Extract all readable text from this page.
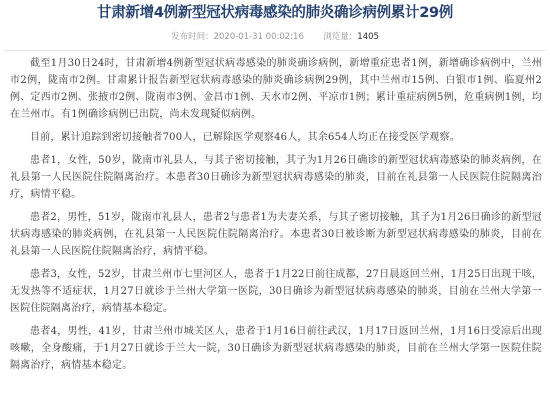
甘肃新增4例新型冠状病毒感染的肺炎确诊病例累计29例
发布时间：2020-01-31 00:02:16 浏览量：1405

截至1月30日24时，甘肃新增4例新型冠状病毒感染的肺炎确诊病例，新增重症患者1例，新增确诊病例中，兰州市2例，陇南市2例。甘肃累计报告新型冠状病毒感染的肺炎确诊病例29例，其中兰州市15例、白银市1例、临夏州2例、定西市2例、张掖市2例、陇南市3例、金昌市1例、天水市2例、平凉市1例；累计重症病例5例，危重病例1例，均在兰州市。有1例确诊病例已出院，尚未发现疑似病例。

目前，累计追踪到密切接触者700人，已解除医学观察46人，其余654人均正在接受医学观察。

患者1，女性，50岁，陇南市礼县人，与其子密切接触，其子为1月26日确诊的新型冠状病毒感染的肺炎病例，在礼县第一人民医院住院隔离治疗。本患者30日确诊为新型冠状病毒感染的肺炎，目前在礼县第一人民医院住院隔离治疗，病情平稳。

患者2，男性，51岁，陇南市礼县人，患者2与患者1为夫妻关系，与其子密切接触，其子为1月26日确诊的新型冠状病毒感染的肺炎病例，在礼县第一人民医院住院隔离治疗。本患者30日被诊断为新型冠状病毒感染的肺炎，目前在礼县第一人民医院住院隔离治疗，病情平稳。

患者3，女性，52岁，甘肃兰州市七里河区人，患者于1月22日前往成都，27日晨返回兰州，1月25日出现干咳，无发热等不适症状，1月27日就诊于兰州大学第一医院，30日确诊为新型冠状病毒感染的肺炎，目前在兰州大学第一医院住院隔离治疗，病情基本稳定。

患者4，男性，41岁，甘肃兰州市城关区人，患者于1月16日前往武汉，1月17日返回兰州，1月16日受凉后出现咳嗽，全身酸痛，于1月27日就诊于兰大一院，30日确诊为新型冠状病毒感染的肺炎，目前在兰州大学第一医院住院隔离治疗，病情基本稳定。
